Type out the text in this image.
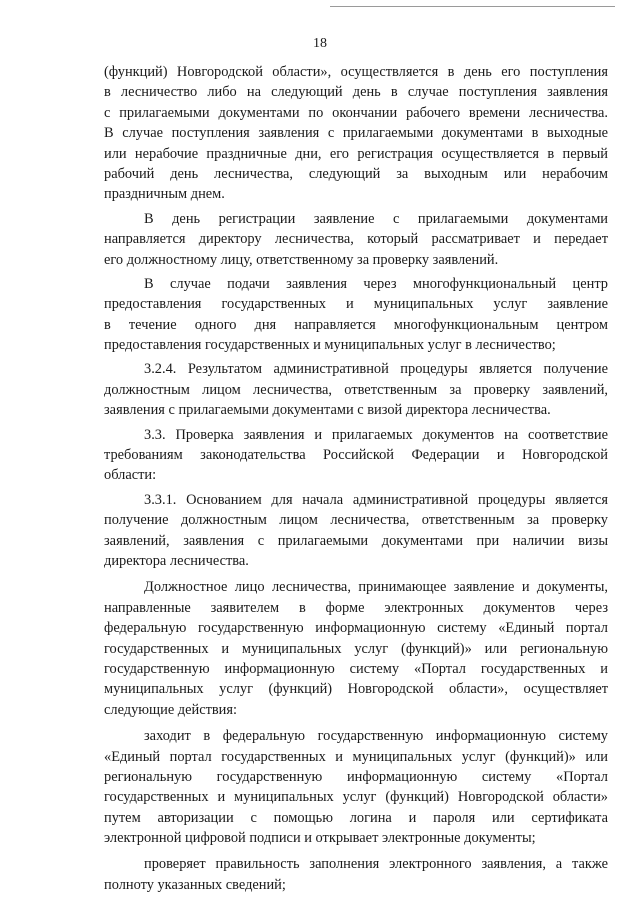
18
(функций) Новгородской области», осуществляется в день его поступления
в лесничество либо на следующий день в случае поступления заявления
с прилагаемыми документами по окончании рабочего времени лесничества.
В случае поступления заявления с прилагаемыми документами в выходные
или нерабочие праздничные дни, его регистрация осуществляется в первый
рабочий день лесничества, следующий за выходным или нерабочим
праздничным днем.
В день регистрации заявление с прилагаемыми документами
направляется директору лесничества, который рассматривает и передает
его должностному лицу, ответственному за проверку заявлений.
В случае подачи заявления через многофункциональный центр
предоставления государственных и муниципальных услуг заявление
в течение одного дня направляется многофункциональным центром
предоставления государственных и муниципальных услуг в лесничество;
3.2.4. Результатом административной процедуры является получение
должностным лицом лесничества, ответственным за проверку заявлений,
заявления с прилагаемыми документами с визой директора лесничества.
3.3. Проверка заявления и прилагаемых документов на соответствие
требованиям законодательства Российской Федерации и Новгородской
области:
3.3.1. Основанием для начала административной процедуры является
получение должностным лицом лесничества, ответственным за проверку
заявлений, заявления с прилагаемыми документами при наличии визы
директора лесничества.
Должностное лицо лесничества, принимающее заявление и документы,
направленные заявителем в форме электронных документов через
федеральную государственную информационную систему «Единый портал
государственных и муниципальных услуг (функций)» или региональную
государственную информационную систему «Портал государственных и
муниципальных услуг (функций) Новгородской области», осуществляет
следующие действия:
заходит в федеральную государственную информационную систему
«Единый портал государственных и муниципальных услуг (функций)» или
региональную государственную информационную систему «Портал
государственных и муниципальных услуг (функций) Новгородской области»
путем авторизации с помощью логина и пароля или сертификата
электронной цифровой подписи и открывает электронные документы;
проверяет правильность заполнения электронного заявления, а также
полноту указанных сведений;
